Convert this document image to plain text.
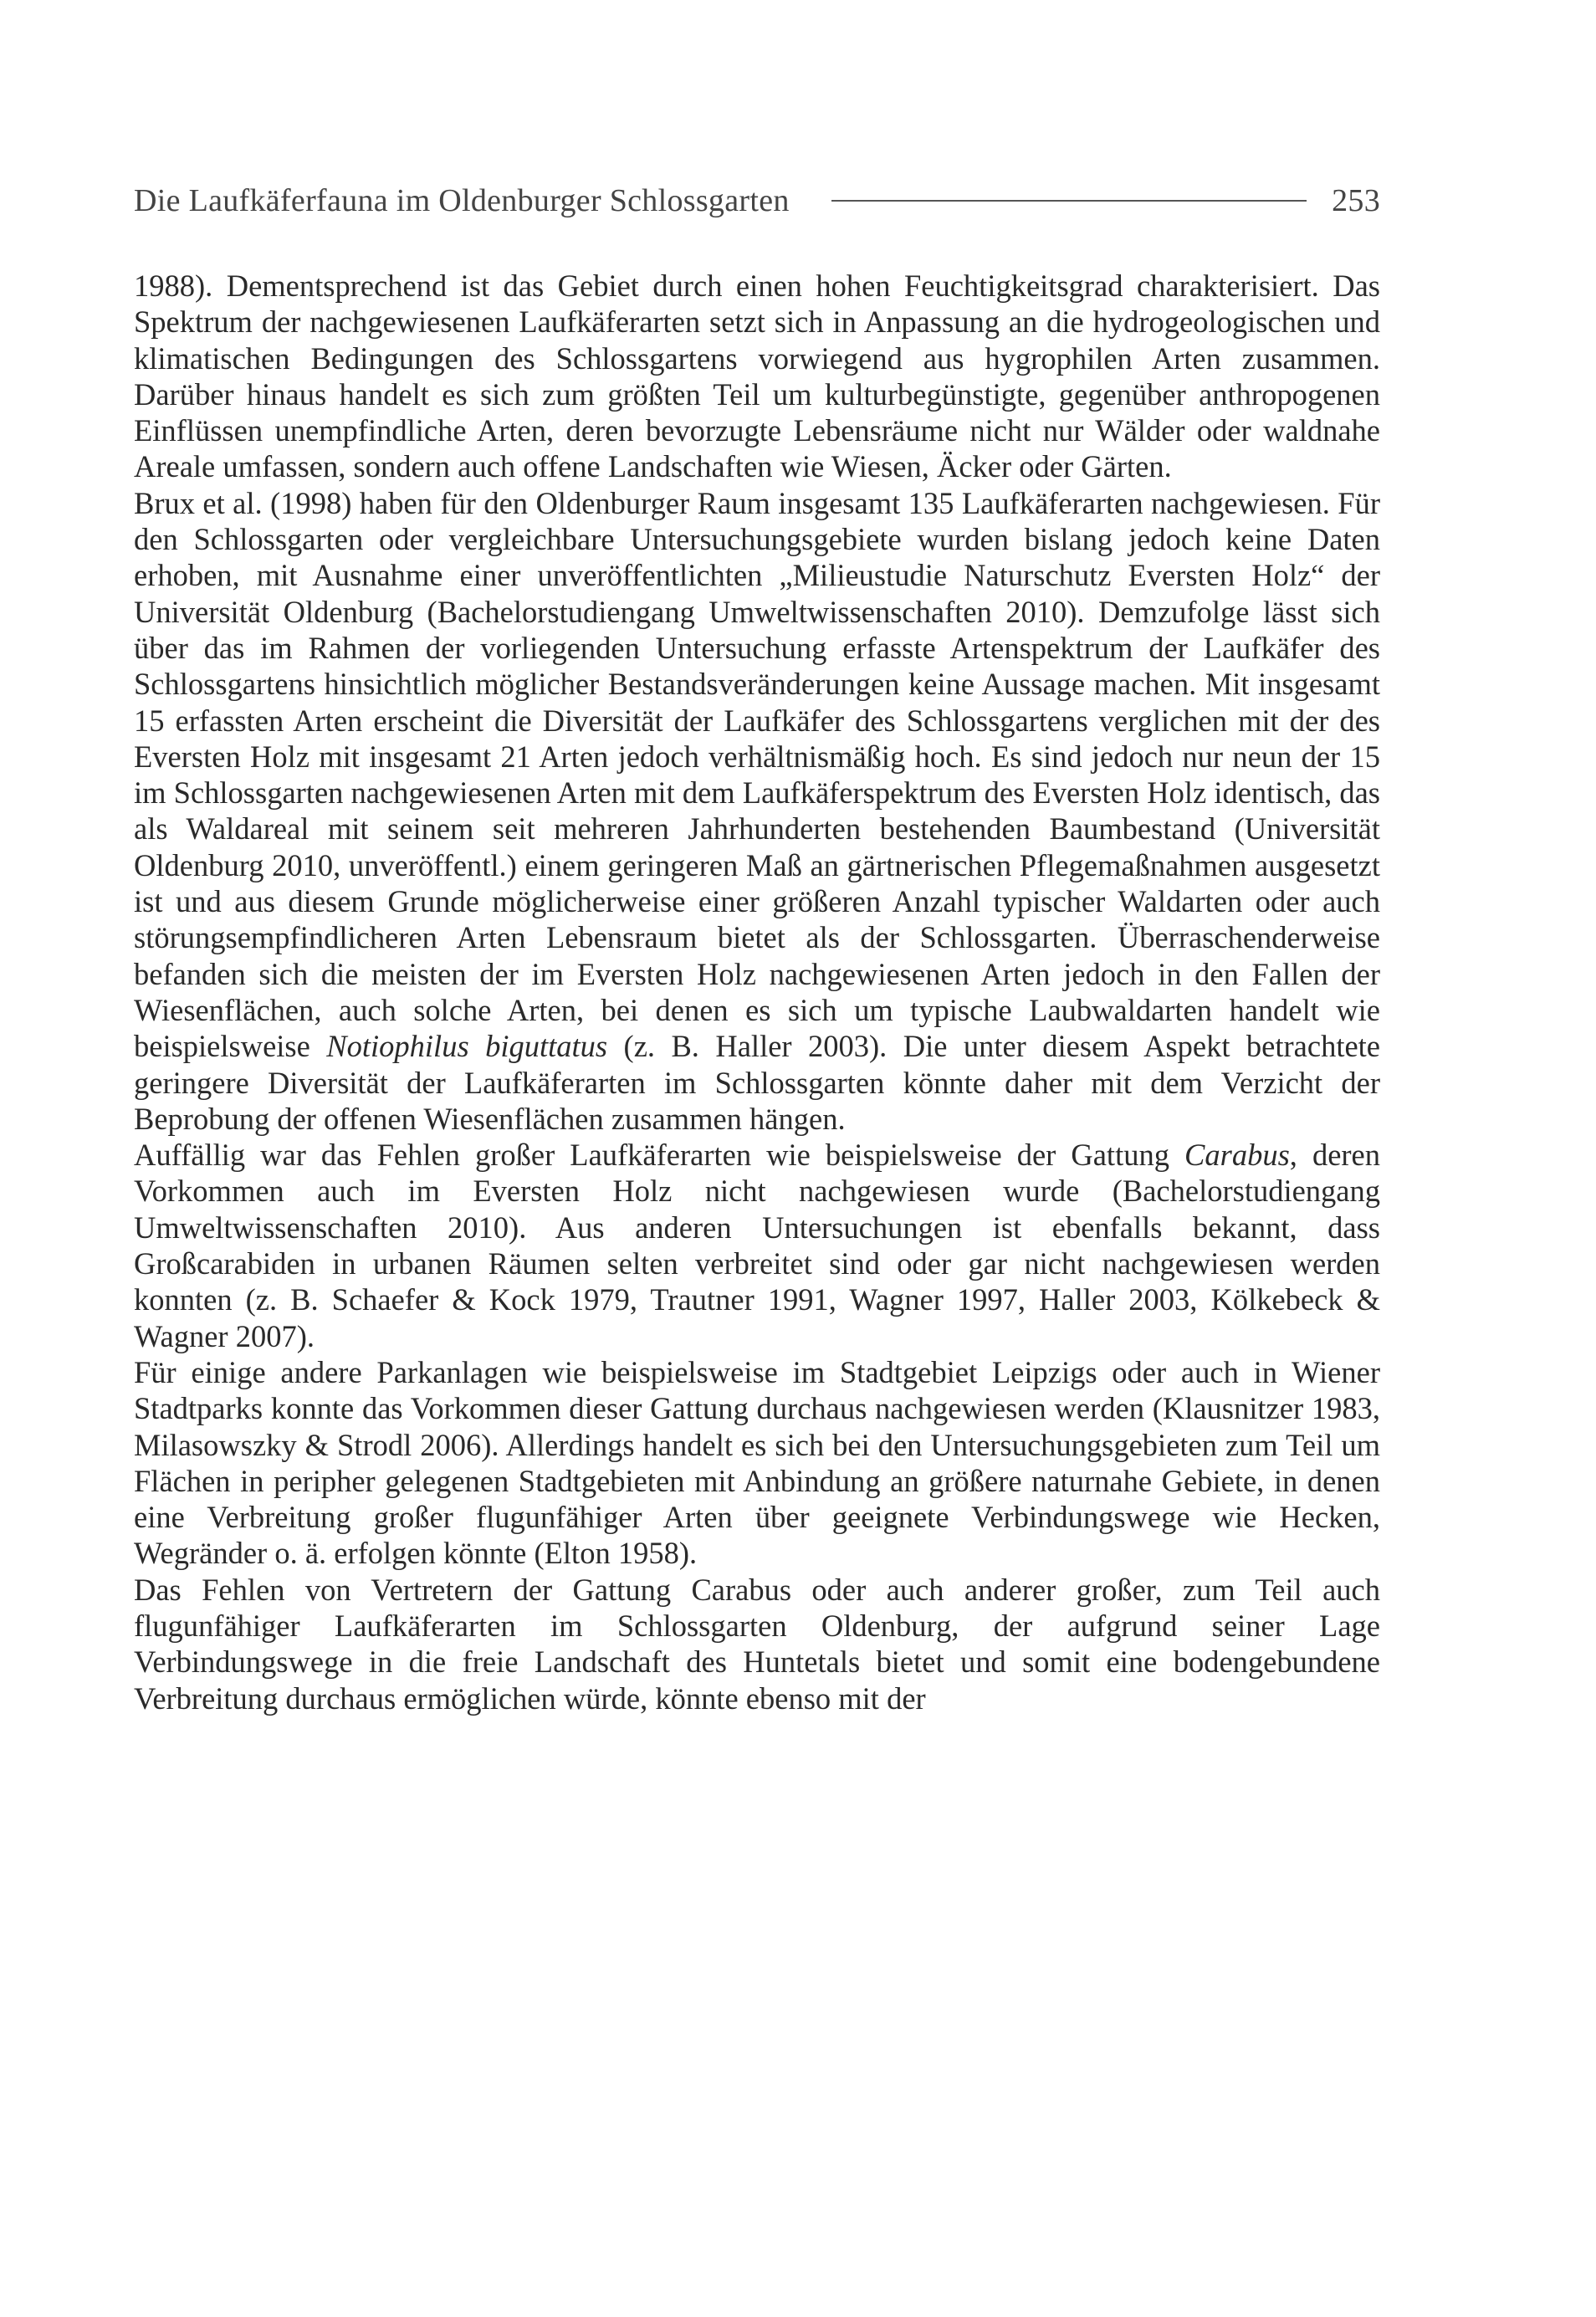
Die Laufkäferfauna im Oldenburger Schlossgarten	253

1988). Dementsprechend ist das Gebiet durch einen hohen Feuchtigkeitsgrad charakterisiert. Das Spektrum der nachgewiesenen Laufkäferarten setzt sich in Anpassung an die hydrogeologischen und klimatischen Bedingungen des Schlossgartens vorwiegend aus hygrophilen Arten zusammen. Darüber hinaus handelt es sich zum größten Teil um kulturbegünstigte, gegenüber anthropogenen Einflüssen unempfindliche Arten, deren bevorzugte Lebensräume nicht nur Wälder oder waldnahe Areale umfassen, sondern auch offene Landschaften wie Wiesen, Äcker oder Gärten.

Brux et al. (1998) haben für den Oldenburger Raum insgesamt 135 Laufkäferarten nachgewiesen. Für den Schlossgarten oder vergleichbare Untersuchungsgebiete wurden bislang jedoch keine Daten erhoben, mit Ausnahme einer unveröffentlichten „Milieustudie Naturschutz Eversten Holz“ der Universität Oldenburg (Bachelorstudiengang Umweltwissenschaften 2010). Demzufolge lässt sich über das im Rahmen der vorliegenden Untersuchung erfasste Artenspektrum der Laufkäfer des Schlossgartens hinsichtlich möglicher Bestandsveränderungen keine Aussage machen. Mit insgesamt 15 erfassten Arten erscheint die Diversität der Laufkäfer des Schlossgartens verglichen mit der des Eversten Holz mit insgesamt 21 Arten jedoch verhältnismäßig hoch. Es sind jedoch nur neun der 15 im Schlossgarten nachgewiesenen Arten mit dem Laufkäferspektrum des Eversten Holz identisch, das als Waldareal mit seinem seit mehreren Jahrhunderten bestehenden Baumbestand (Universität Oldenburg 2010, unveröffentl.) einem geringeren Maß an gärtnerischen Pflegemaßnahmen ausgesetzt ist und aus diesem Grunde möglicherweise einer größeren Anzahl typischer Waldarten oder auch störungsempfindlicheren Arten Lebensraum bietet als der Schlossgarten. Überraschenderweise befanden sich die meisten der im Eversten Holz nachgewiesenen Arten jedoch in den Fallen der Wiesenflächen, auch solche Arten, bei denen es sich um typische Laubwaldarten handelt wie beispielsweise Notiophilus biguttatus (z. B. Haller 2003). Die unter diesem Aspekt betrachtete geringere Diversität der Laufkäferarten im Schlossgarten könnte daher mit dem Verzicht der Beprobung der offenen Wiesenflächen zusammen hängen.

Auffällig war das Fehlen großer Laufkäferarten wie beispielsweise der Gattung Carabus, deren Vorkommen auch im Eversten Holz nicht nachgewiesen wurde (Bachelorstudiengang Umweltwissenschaften 2010). Aus anderen Untersuchungen ist ebenfalls bekannt, dass Großcarabiden in urbanen Räumen selten verbreitet sind oder gar nicht nachgewiesen werden konnten (z. B. Schaefer & Kock 1979, Trautner 1991, Wagner 1997, Haller 2003, Kölkebeck & Wagner 2007).

Für einige andere Parkanlagen wie beispielsweise im Stadtgebiet Leipzigs oder auch in Wiener Stadtparks konnte das Vorkommen dieser Gattung durchaus nachgewiesen werden (Klausnitzer 1983, Milasowszky & Strodl 2006). Allerdings handelt es sich bei den Untersuchungsgebieten zum Teil um Flächen in peripher gelegenen Stadtgebieten mit Anbindung an größere naturnahe Gebiete, in denen eine Verbreitung großer flugunfähiger Arten über geeignete Verbindungswege wie Hecken, Wegränder o. ä. erfolgen könnte (Elton 1958).

Das Fehlen von Vertretern der Gattung Carabus oder auch anderer großer, zum Teil auch flugunfähiger Laufkäferarten im Schlossgarten Oldenburg, der aufgrund seiner Lage Verbindungswege in die freie Landschaft des Huntetals bietet und somit eine bodengebundene Verbreitung durchaus ermöglichen würde, könnte ebenso mit der
